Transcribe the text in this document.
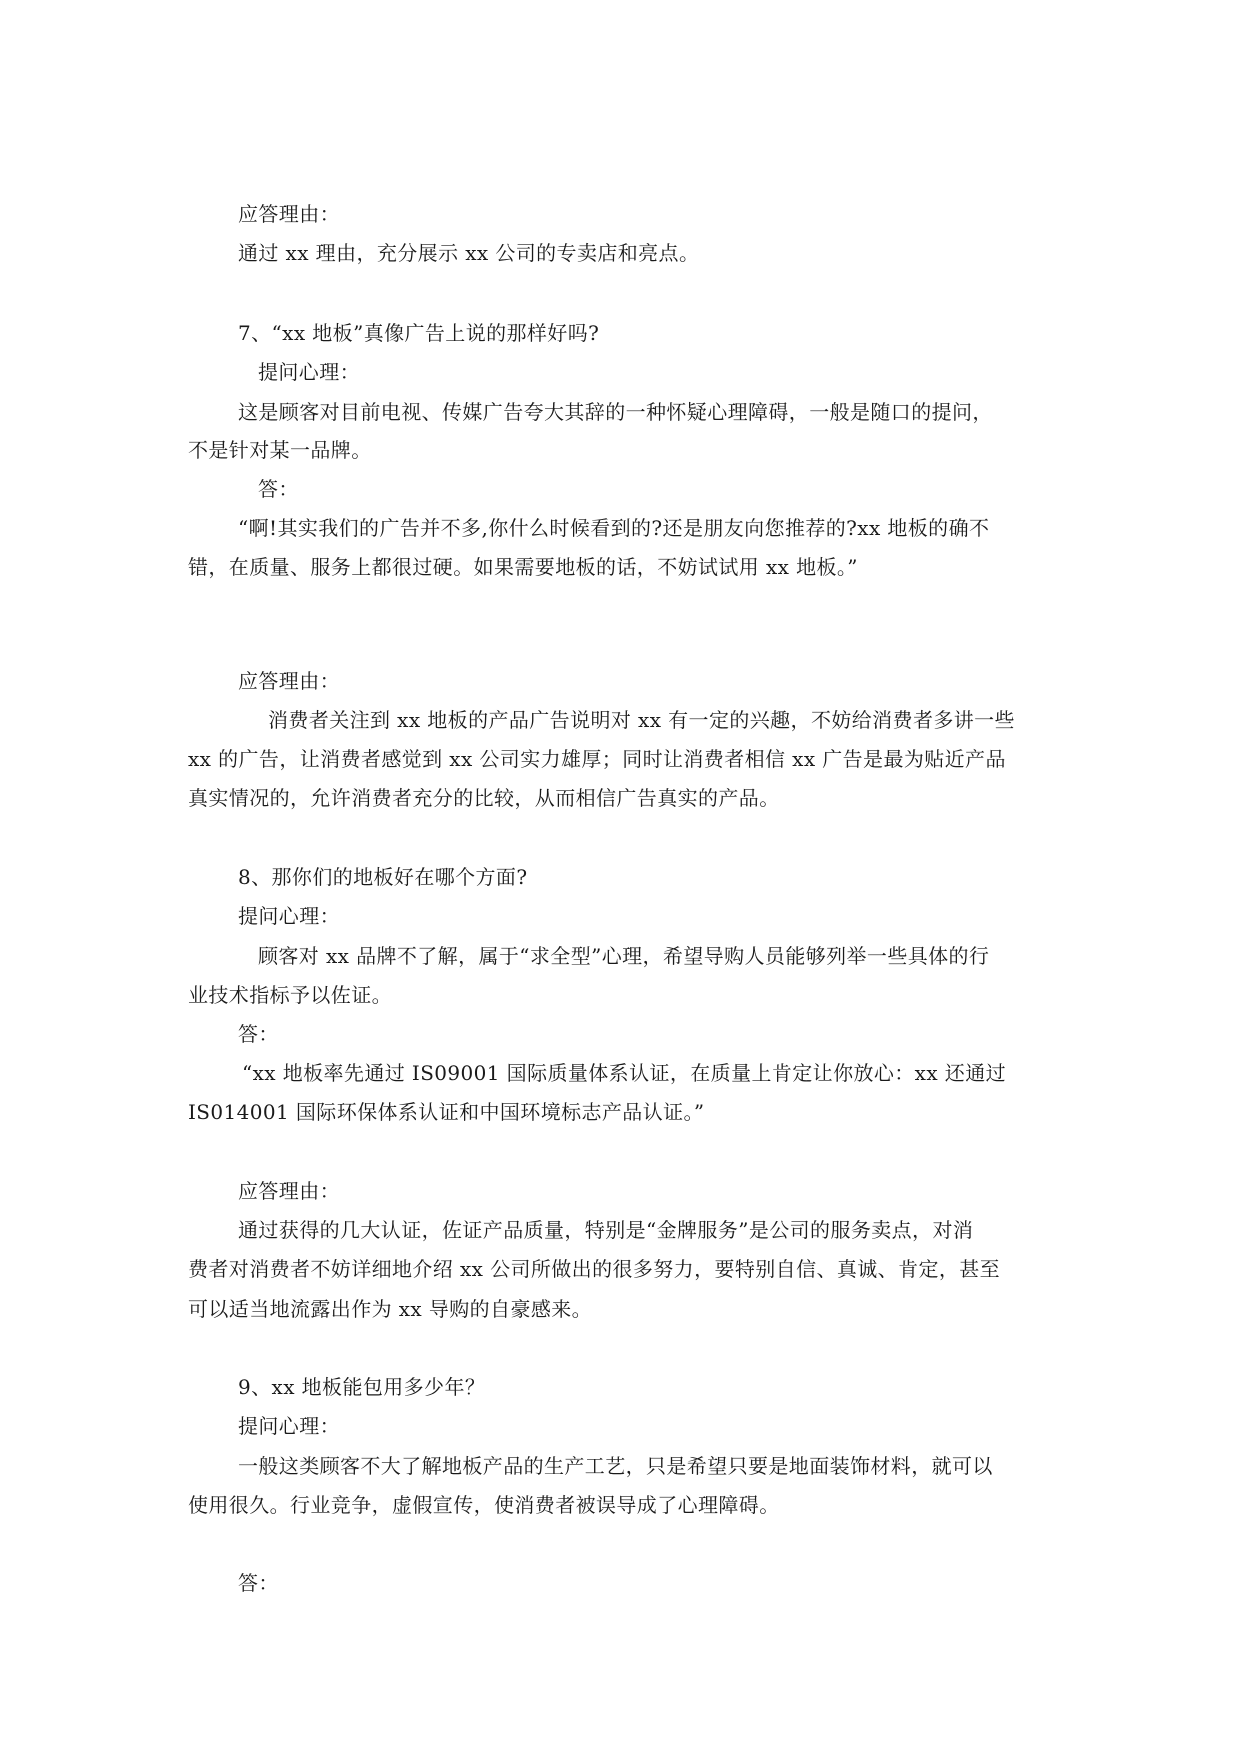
应答理由：

通过 xx 理由，充分展示 xx 公司的专卖店和亮点。

7、“xx 地板”真像广告上说的那样好吗?

提问心理：

这是顾客对目前电视、传媒广告夸大其辞的一种怀疑心理障碍，一般是随口的提问，

不是针对某一品牌。

答：

“啊!其实我们的广告并不多,你什么时候看到的?还是朋友向您推荐的?xx 地板的确不

错，在质量、服务上都很过硬。如果需要地板的话，不妨试试用 xx 地板。”

应答理由：

消费者关注到 xx 地板的产品广告说明对 xx 有一定的兴趣，不妨给消费者多讲一些

xx 的广告，让消费者感觉到 xx 公司实力雄厚；同时让消费者相信 xx 广告是最为贴近产品

真实情况的，允许消费者充分的比较，从而相信广告真实的产品。

8、那你们的地板好在哪个方面?

提问心理：

顾客对 xx 品牌不了解，属于“求全型”心理，希望导购人员能够列举一些具体的行

业技术指标予以佐证。

答：

“xx 地板率先通过 IS09001 国际质量体系认证，在质量上肯定让你放心：xx 还通过

IS014001 国际环保体系认证和中国环境标志产品认证。”

应答理由：

通过获得的几大认证，佐证产品质量，特别是“金牌服务”是公司的服务卖点，对消

费者对消费者不妨详细地介绍 xx 公司所做出的很多努力，要特别自信、真诚、肯定，甚至

可以适当地流露出作为 xx 导购的自豪感来。

9、xx 地板能包用多少年？

提问心理：

一般这类顾客不大了解地板产品的生产工艺，只是希望只要是地面装饰材料，就可以

使用很久。行业竞争，虚假宣传，使消费者被误导成了心理障碍。

答：
